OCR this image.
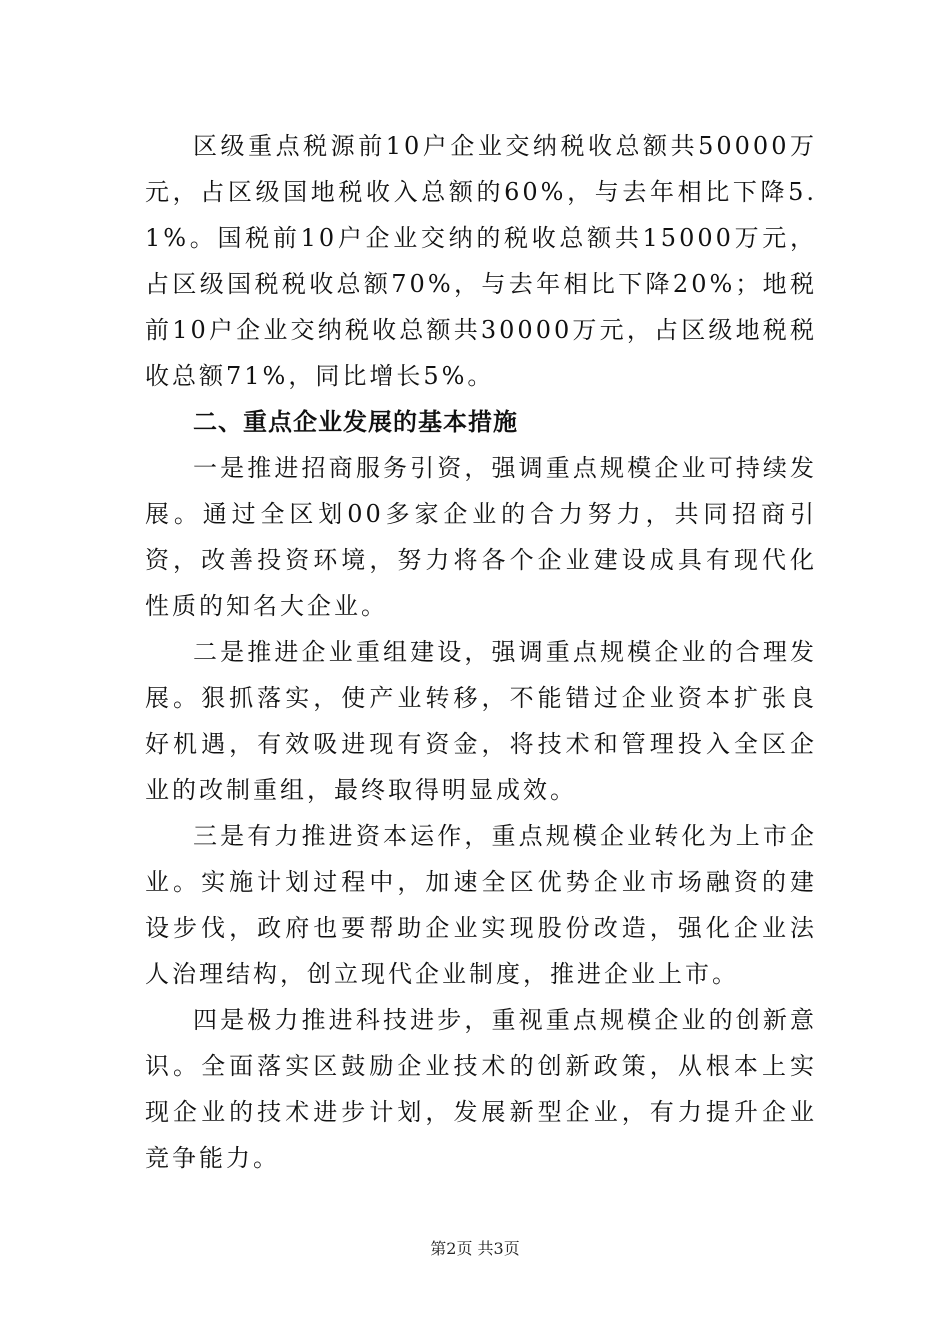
区级重点税源前10户企业交纳税收总额共50000万元，占区级国地税收入总额的60%，与去年相比下降5.1%。国税前10户企业交纳的税收总额共15000万元，占区级国税税收总额70%，与去年相比下降20%；地税前10户企业交纳税收总额共30000万元，占区级地税税收总额71%，同比增长5%。

二、重点企业发展的基本措施

一是推进招商服务引资，强调重点规模企业可持续发展。通过全区划00多家企业的合力努力，共同招商引资，改善投资环境，努力将各个企业建设成具有现代化性质的知名大企业。

二是推进企业重组建设，强调重点规模企业的合理发展。狠抓落实，使产业转移，不能错过企业资本扩张良好机遇，有效吸进现有资金，将技术和管理投入全区企业的改制重组，最终取得明显成效。

三是有力推进资本运作，重点规模企业转化为上市企业。实施计划过程中，加速全区优势企业市场融资的建设步伐，政府也要帮助企业实现股份改造，强化企业法人治理结构，创立现代企业制度，推进企业上市。

四是极力推进科技进步，重视重点规模企业的创新意识。全面落实区鼓励企业技术的创新政策，从根本上实现企业的技术进步计划，发展新型企业，有力提升企业竞争能力。

第2页 共3页
